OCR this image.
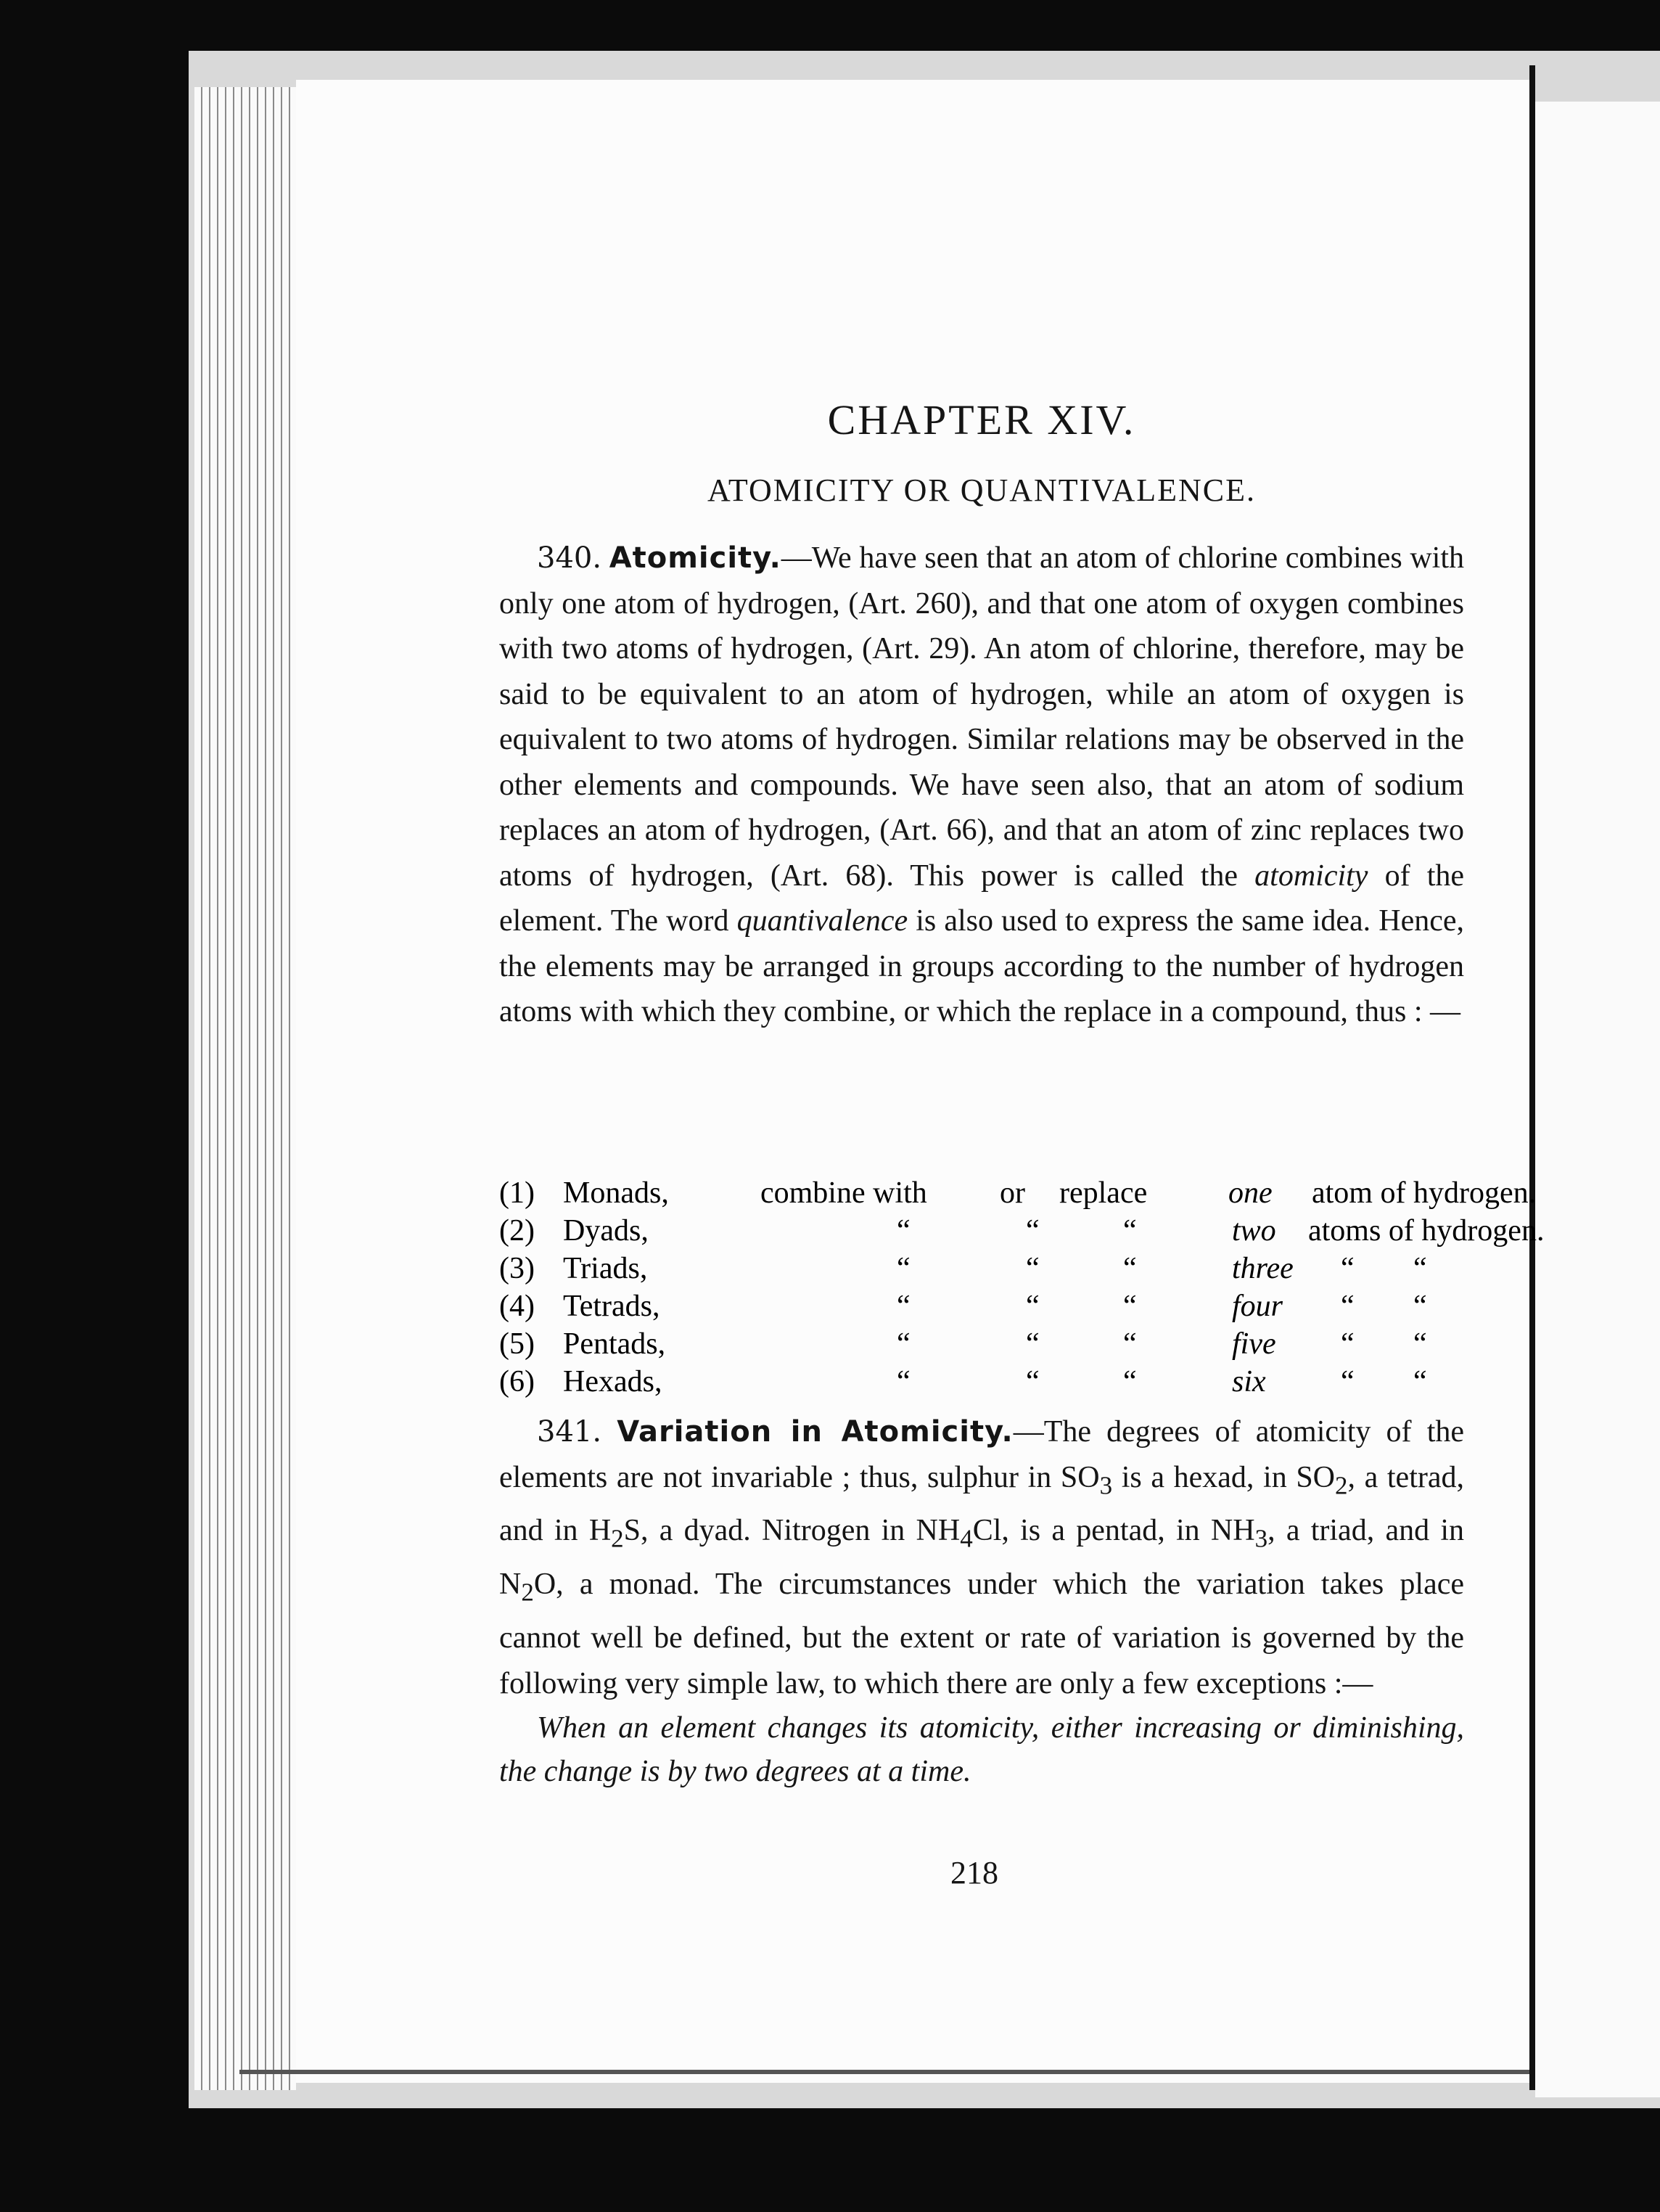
CHAPTER XIV.
ATOMICITY OR QUANTIVALENCE.

340. Atomicity.—We have seen that an atom of chlorine combines with only one atom of hydrogen, (Art. 260), and that one atom of oxygen combines with two atoms of hydrogen, (Art. 29). An atom of chlorine, therefore, may be said to be equivalent to an atom of hydrogen, while an atom of oxygen is equivalent to two atoms of hydrogen. Similar relations may be observed in the other elements and compounds. We have seen also, that an atom of sodium replaces an atom of hydrogen, (Art. 66), and that an atom of zinc replaces two atoms of hydrogen, (Art. 68). This power is called the atomicity of the element. The word quantivalence is also used to express the same idea. Hence, the elements may be arranged in groups according to the number of hydrogen atoms with which they combine, or which the replace in a compound, thus : —

(1) Monads,	combine with or replace	one atom of hydrogen.
(2) Dyads,	“	“	“	two atoms of hydrogen.
(3) Triads,	“	“	“	three “ “
(4) Tetrads,	“	“	“	four “ “
(5) Pentads,	“	“	“	five “ “
(6) Hexads,	“	“	“	six “ “

341. Variation in Atomicity.—The degrees of atomicity of the elements are not invariable ; thus, sulphur in $SO_3$ is a hexad, in $SO_2$, a tetrad, and in $H_2S$, a dyad. Nitrogen in $NH_4Cl$, is a pentad, in $NH_3$, a triad, and in $N_2O$, a monad. The circumstances under which the variation takes place cannot well be defined, but the extent or rate of variation is governed by the following very simple law, to which there are only a few exceptions :—

When an element changes its atomicity, either increasing or diminishing, the change is by two degrees at a time.

218
